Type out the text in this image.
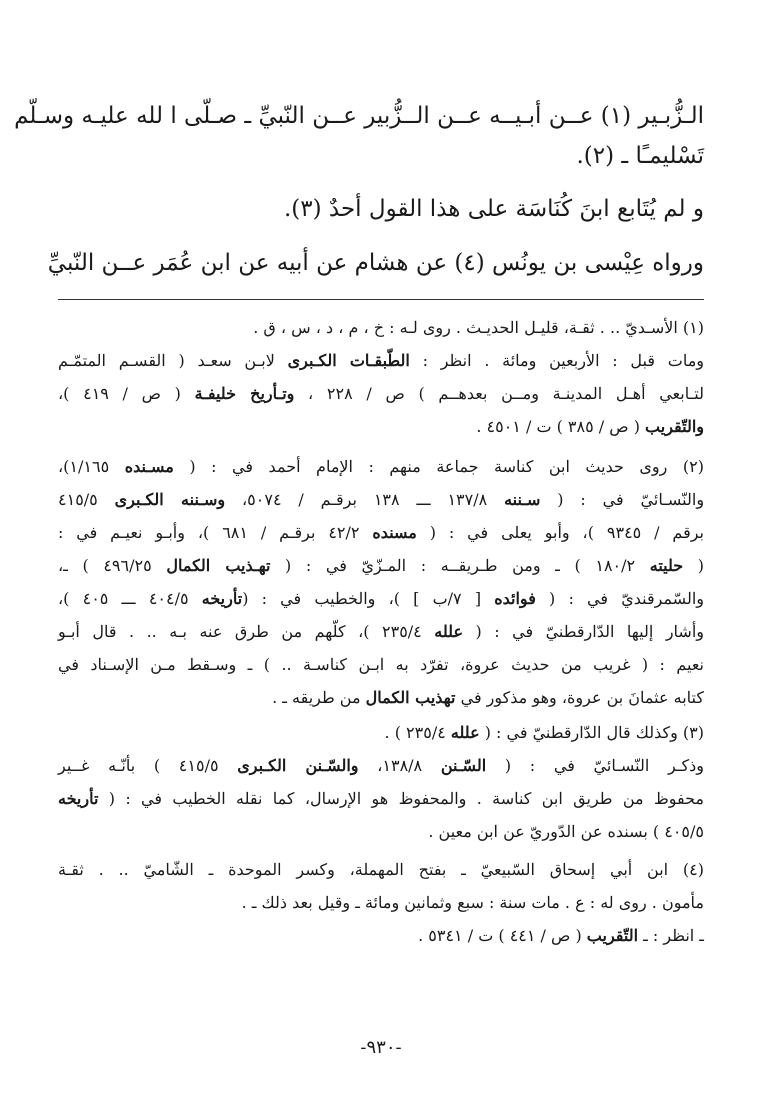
الـزُّبـير (١) عــن أبـيــه عــن الــزُّبير عــن النّبيِّ ـ صـلّى ا لله عليـه وسـلّم
تَسْليمـًا ـ (٢).
و لم يُتَابع ابنَ كُنَاسَة على هذا القول أحدٌ (٣).
ورواه عِيْسى بن يونُس (٤) عن هشام عن أبيه عن ابن عُمَر عــن النّبيِّ
(١) الأسـديّ .. . ثقـة، قليـل الحديـث . روى لـه : خ ، م ، د ، س ، ق .
ومات قبل : الأربعين ومائة . انظر : الطّبقـات الكـبرى لابـن سعـد ( القسـم المتمّـم
لتـابعي أهـل المدينـة ومــن بعدهــم ) ص / ٢٢٨ ، وتـأريخ خليفـة ( ص / ٤١٩ )،
والتّقريب ( ص / ٣٨٥ ) ت / ٤٥٠١ .
(٢) روى حديث ابن كناسة جماعة منهم : الإمام أحمد في : ( مسـنده ١/١٦٥)،
والنّسـائيّ في : ( سـننه ١٣٧/٨ ـــ ١٣٨ برقـم / ٥٠٧٤، وسـننه الكـبرى ٤١٥/٥
برقم / ٩٣٤٥ )، وأبو يعلى في : ( مسنده ٤٢/٢ برقـم / ٦٨١ )، وأبـو نعيـم في :
( حليته ١٨٠/٢ ) ـ ومن طـريقــه : المـزّيّ في : ( تهـذيب الكمال ٤٩٦/٢٥ ) ـ،
والسّمرقنديّ في : ( فوائده [ ٧/ب ] )، والخطيب في : (تأريخه ٤٠٤/٥ ـــ ٤٠٥ )،
وأشار إليها الدّارقطنيّ في : ( علله ٢٣٥/٤ )، كلّهم من طرق عنه بـه .. . قال أبـو
نعيم : ( غريب من حديث عروة، تفرّد به ابـن كناسـة .. ) ـ وسـقط مـن الإسـناد في
كتابه عثمانَ بن عروة، وهو مذكور في تهذيب الكمال من طريقه ـ .
(٣) وكذلك قال الدّارقطنيّ في : ( علله ٢٣٥/٤ ) .
وذكـر النّسـائيّ في : ( السّـنن ١٣٨/٨، والسّـنن الكـبرى ٤١٥/٥ ) بأنّـه غــير
محفوظ من طريق ابن كناسة . والمحفوظ هو الإرسال، كما نقله الخطيب في : ( تأريخه
٤٠٥/٥ ) بسنده عن الدّوريّ عن ابن معين .
(٤) ابن أبي إسحاق السّبيعيّ ـ بفتح المهملة، وكسر الموحدة ـ الشّاميّ .. . ثقـة
مأمون . روى له : ع . مات سنة : سبع وثمانين ومائة ـ وقيل بعد ذلك ـ .
ـ انظر : ـ التّقريب ( ص / ٤٤١ ) ت / ٥٣٤١ .
-٩٣٠-
